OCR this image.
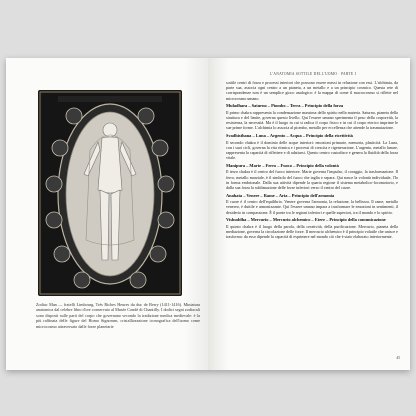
Zodiac Man — fratelli Limbourg, Très Riches Heures du duc de Berry (1411-1416). Miniatura anatomica dal celebre libro d'ore conservato al Musée Condé di Chantilly. I dodici segni zodiacali sono disposti sulle parti del corpo che governano secondo la tradizione medica medievale: è la più raffinata delle figure del Homo Signorum, cristallizzazione iconografica dell'uomo come microcosmo attraversato dalle forze planetarie
L'ANATOMIA SOTTILE DELL'UOMO · PARTE I

sottile centri di forza e processi interiori che possono essere messi in relazione con essi. L'alchimia, da parte sua, associa ogni centro a un pianeta, a un metallo e a un principio cosmico. Questa rete di corrispondenze non è un semplice gioco analogico: è la mappa di come il macrocosmo si riflette nel microcosmo umano.

Muladhara – Saturno – Piombo – Terra – Principio della forza

Il primo chakra rappresenta la condensazione massima dello spirito nella materia. Saturno, pianeta della struttura e del limite, governa questo livello. Qui l'essere umano sperimenta il peso della corporeità, la resistenza, la necessità. Ma è il luogo in cui si radica il corpo fisico e in cui il corpo eterico imprime le sue prime forme. L'alchimia lo associa al piombo, metallo per eccellenza che attende la trasmutazione.

Svadhisthana – Luna – Argento – Acqua – Principio della ricettività

Il secondo chakra è il dominio delle acque interiori: emozioni primarie, memoria, plasticità. La Luna, con i suoi cicli, governa la vita ritmica e i processi di crescita e rigenerazione. L'argento, metallo lunare, rappresenta la capacità di riflettere e di adattarsi. Questo centro custodisce e genera la fluidità della forza vitale.

Manipura – Marte – Ferro – Fuoco – Principio della volontà

Il terzo chakra è il centro del fuoco interiore. Marte governa l'impulso, il coraggio, la trasformazione. Il ferro, metallo marziale, è il simbolo del fuoco che taglia e separa. Qui nasce la volontà individuale, l'Io in forma embrionale. Dalla sua attività dipende la quarta regione il sistema metabolico-locomotorio, e dalla sua forza la sublimazione delle forze inferiori verso il centro del cuore.

Anahata – Venere – Rame – Aria – Principio dell'armonia

Il cuore è il centro dell'equilibrio. Venere governa l'armonia, la relazione, la bellezza. Il rame, metallo venereo, è duttile e armonizzante. Qui l'essere umano impara a trasformare le emozioni in sentimenti, il desiderio in compassione. È il ponte tra le regioni inferiori e quelle superiori, tra il mondo e lo spirito.

Vishuddha – Mercurio – Mercurio alchemico – Etere – Principio della comunicazione

Il quinto chakra è il luogo della parola, della creatività, della purificazione. Mercurio, pianeta della mediazione, governa la circolazione delle forze. Il mercurio alchemico è il principio volatile che unisce e trasforma: da esso dipende la capacità di esprimere nel mondo ciò che è stato elaborato interiormente.

45
